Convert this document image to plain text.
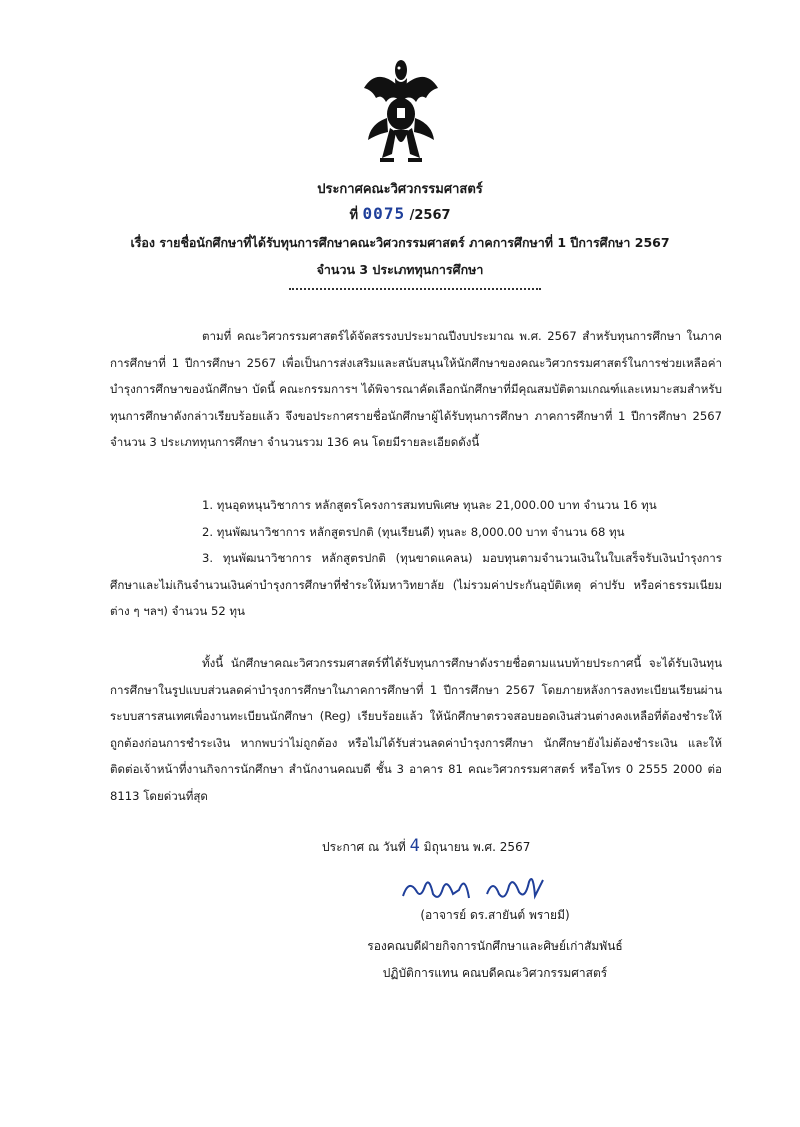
ประกาศคณะวิศวกรรมศาสตร์
ที่ 0075 /2567
เรื่อง รายชื่อนักศึกษาที่ได้รับทุนการศึกษาคณะวิศวกรรมศาสตร์ ภาคการศึกษาที่ 1 ปีการศึกษา 2567
จำนวน 3 ประเภททุนการศึกษา
ตามที่ คณะวิศวกรรมศาสตร์ได้จัดสรรงบประมาณปีงบประมาณ พ.ศ. 2567 สำหรับทุนการศึกษา ในภาคการศึกษาที่ 1 ปีการศึกษา 2567 เพื่อเป็นการส่งเสริมและสนับสนุนให้นักศึกษาของคณะวิศวกรรมศาสตร์ในการช่วยเหลือค่าบำรุงการศึกษาของนักศึกษา บัดนี้ คณะกรรมการฯ ได้พิจารณาคัดเลือกนักศึกษาที่มีคุณสมบัติตามเกณฑ์และเหมาะสมสำหรับทุนการศึกษาดังกล่าวเรียบร้อยแล้ว จึงขอประกาศรายชื่อนักศึกษาผู้ได้รับทุนการศึกษา ภาคการศึกษาที่ 1 ปีการศึกษา 2567 จำนวน 3 ประเภททุนการศึกษา จำนวนรวม 136 คน โดยมีรายละเอียดดังนี้
1. ทุนอุดหนุนวิชาการ หลักสูตรโครงการสมทบพิเศษ ทุนละ 21,000.00 บาท จำนวน 16 ทุน
2. ทุนพัฒนาวิชาการ หลักสูตรปกติ (ทุนเรียนดี) ทุนละ 8,000.00 บาท จำนวน 68 ทุน
3. ทุนพัฒนาวิชาการ หลักสูตรปกติ (ทุนขาดแคลน) มอบทุนตามจำนวนเงินในใบเสร็จรับเงินบำรุงการศึกษาและไม่เกินจำนวนเงินค่าบำรุงการศึกษาที่ชำระให้มหาวิทยาลัย (ไม่รวมค่าประกันอุบัติเหตุ ค่าปรับ หรือค่าธรรมเนียมต่าง ๆ ฯลฯ) จำนวน 52 ทุน
ทั้งนี้ นักศึกษาคณะวิศวกรรมศาสตร์ที่ได้รับทุนการศึกษาดังรายชื่อตามแนบท้ายประกาศนี้ จะได้รับเงินทุนการศึกษาในรูปแบบส่วนลดค่าบำรุงการศึกษาในภาคการศึกษาที่ 1 ปีการศึกษา 2567 โดยภายหลังการลงทะเบียนเรียนผ่านระบบสารสนเทศเพื่องานทะเบียนนักศึกษา (Reg) เรียบร้อยแล้ว ให้นักศึกษาตรวจสอบยอดเงินส่วนต่างคงเหลือที่ต้องชำระให้ถูกต้องก่อนการชำระเงิน หากพบว่าไม่ถูกต้อง หรือไม่ได้รับส่วนลดค่าบำรุงการศึกษา นักศึกษายังไม่ต้องชำระเงิน และให้ติดต่อเจ้าหน้าที่งานกิจการนักศึกษา สำนักงานคณบดี ชั้น 3 อาคาร 81 คณะวิศวกรรมศาสตร์ หรือโทร 0 2555 2000 ต่อ 8113 โดยด่วนที่สุด
ประกาศ ณ วันที่ 4 มิถุนายน พ.ศ. 2567
(อาจารย์ ดร.สายันต์ พรายมี)
รองคณบดีฝ่ายกิจการนักศึกษาและศิษย์เก่าสัมพันธ์
ปฏิบัติการแทน คณบดีคณะวิศวกรรมศาสตร์
